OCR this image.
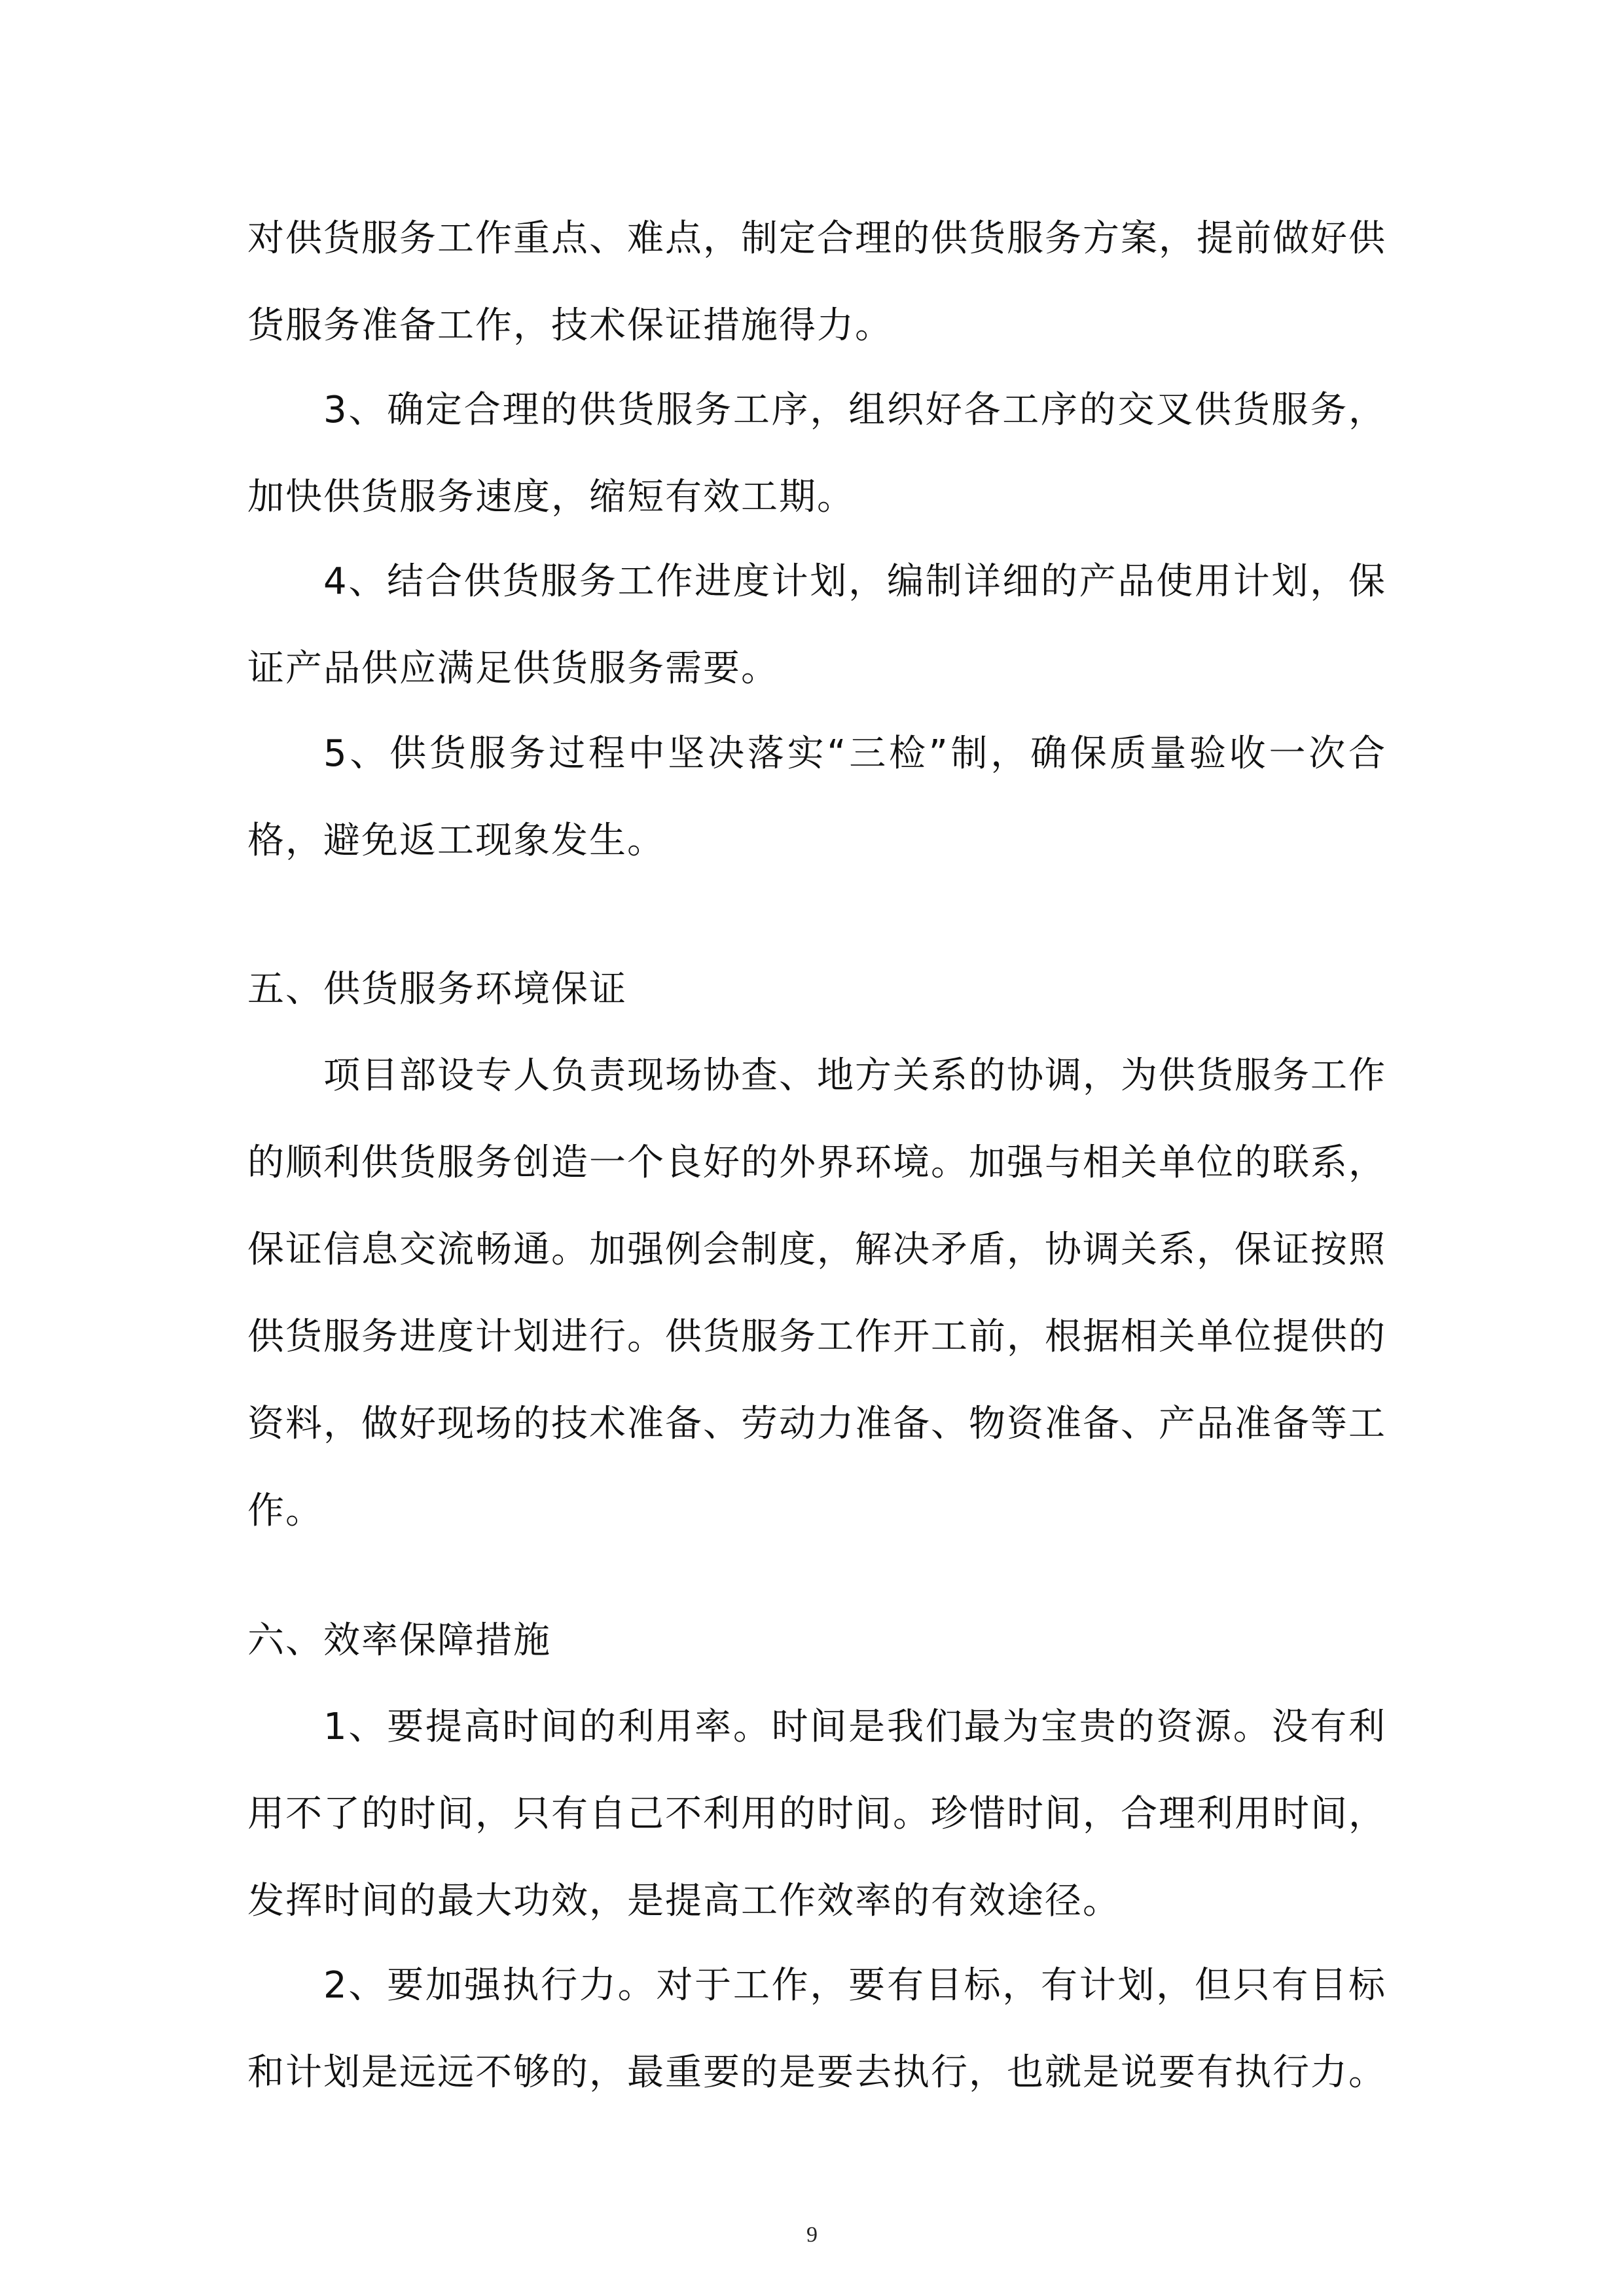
对供货服务工作重点、难点，制定合理的供货服务方案，提前做好供货服务准备工作，技术保证措施得力。
3、确定合理的供货服务工序，组织好各工序的交叉供货服务，加快供货服务速度，缩短有效工期。
4、结合供货服务工作进度计划，编制详细的产品使用计划，保证产品供应满足供货服务需要。
5、供货服务过程中坚决落实“三检”制，确保质量验收一次合格，避免返工现象发生。
五、供货服务环境保证
项目部设专人负责现场协查、地方关系的协调，为供货服务工作的顺利供货服务创造一个良好的外界环境。加强与相关单位的联系，保证信息交流畅通。加强例会制度，解决矛盾，协调关系，保证按照供货服务进度计划进行。供货服务工作开工前，根据相关单位提供的资料，做好现场的技术准备、劳动力准备、物资准备、产品准备等工作。
六、效率保障措施
1、要提高时间的利用率。时间是我们最为宝贵的资源。没有利用不了的时间，只有自己不利用的时间。珍惜时间，合理利用时间，发挥时间的最大功效，是提高工作效率的有效途径。
2、要加强执行力。对于工作，要有目标，有计划，但只有目标和计划是远远不够的，最重要的是要去执行，也就是说要有执行力。
9
